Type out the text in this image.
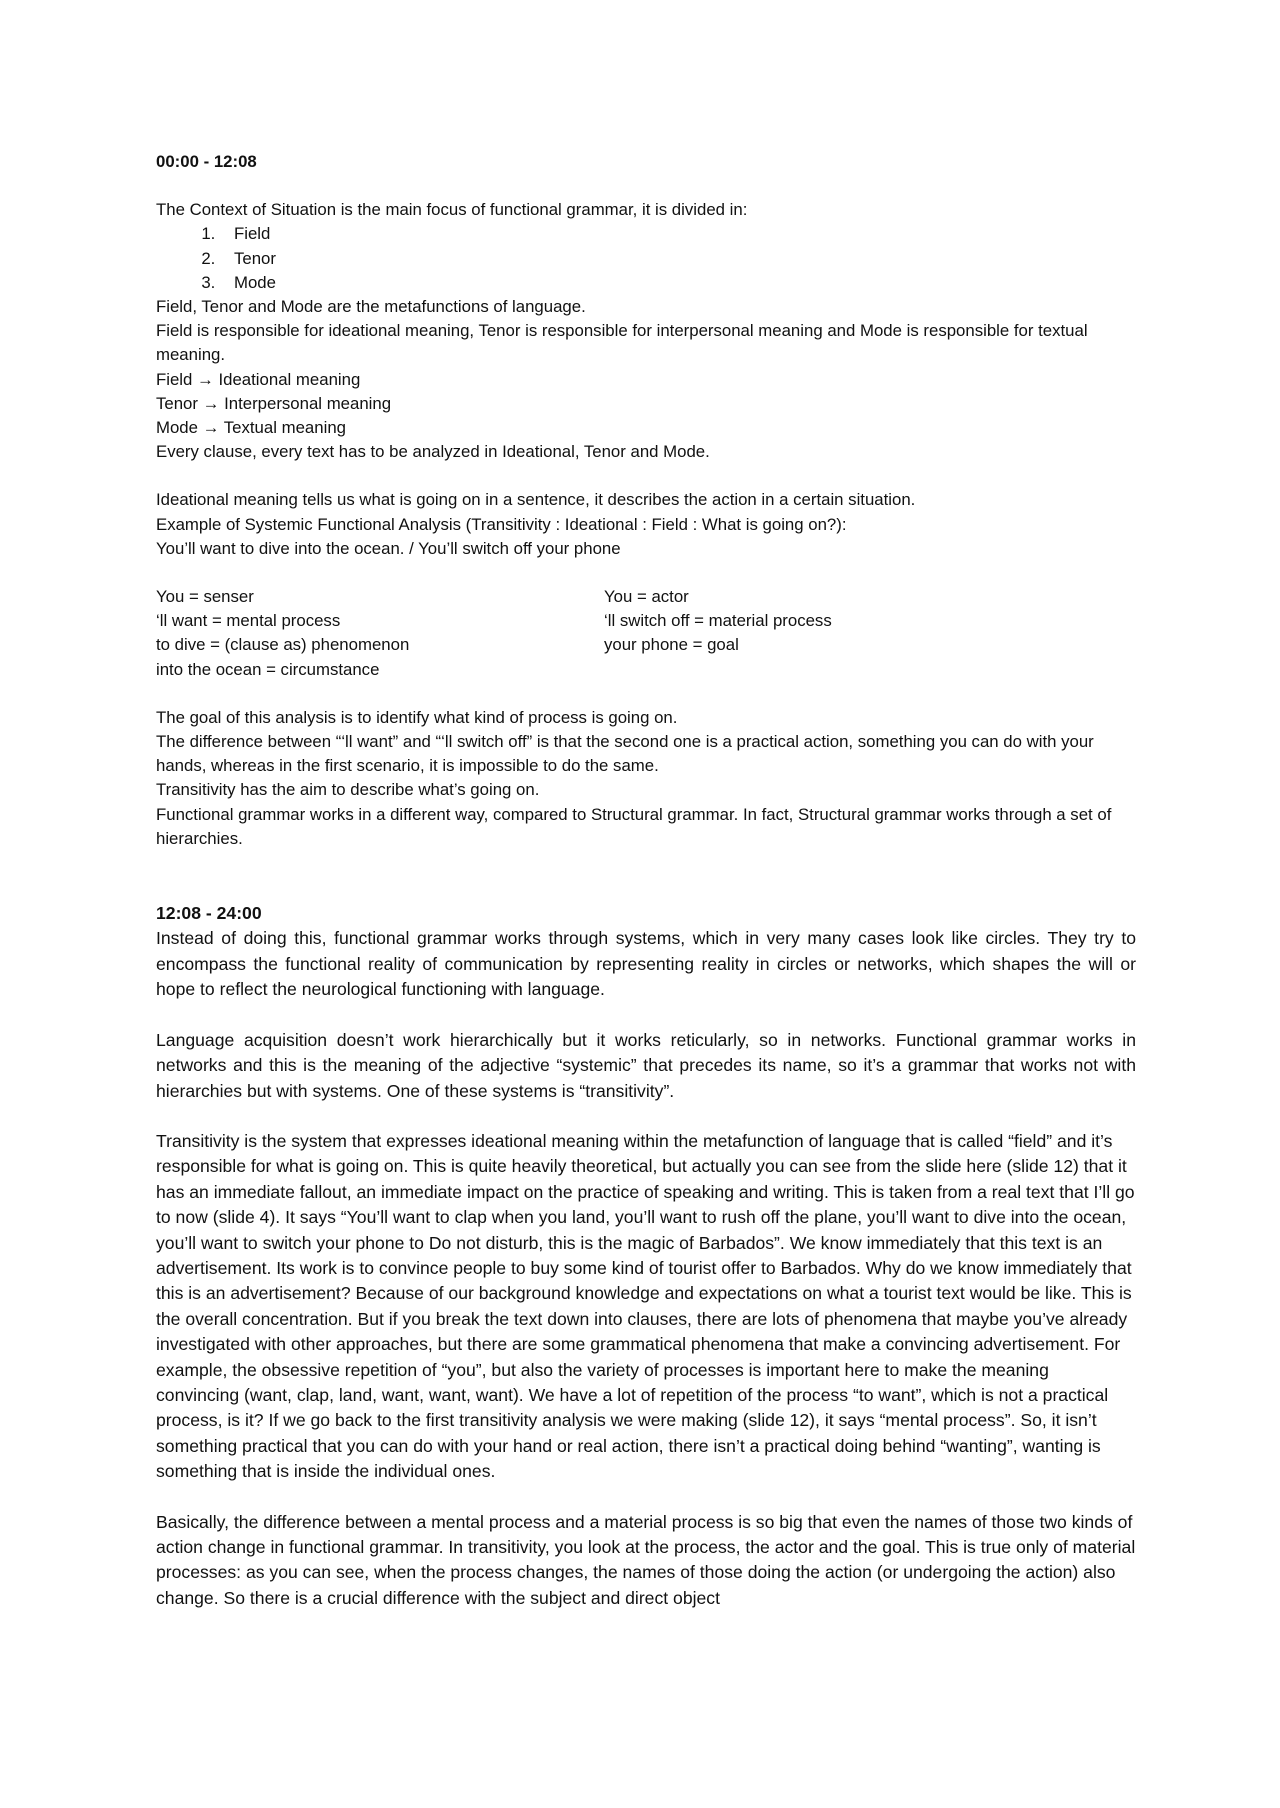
00:00 - 12:08

The Context of Situation is the main focus of functional grammar, it is divided in:

1. Field
2. Tenor
3. Mode

Field, Tenor and Mode are the metafunctions of language.

Field is responsible for ideational meaning, Tenor is responsible for interpersonal meaning and Mode is responsible for textual meaning.

Field → Ideational meaning

Tenor → Interpersonal meaning

Mode → Textual meaning

Every clause, every text has to be analyzed in Ideational, Tenor and Mode.

Ideational meaning tells us what is going on in a sentence, it describes the action in a certain situation.

Example of Systemic Functional Analysis (Transitivity : Ideational : Field : What is going on?):

You’ll want to dive into the ocean. / You’ll switch off your phone

You = senser

‘ll want = mental process

to dive = (clause as) phenomenon

into the ocean = circumstance

You = actor

‘ll switch off = material process

your phone = goal

The goal of this analysis is to identify what kind of process is going on.

The difference between “‘ll want” and “‘ll switch off” is that the second one is a practical action, something you can do with your hands, whereas in the first scenario, it is impossible to do the same.

Transitivity has the aim to describe what’s going on.

Functional grammar works in a different way, compared to Structural grammar. In fact, Structural grammar works through a set of hierarchies.

12:08 - 24:00

Instead of doing this, functional grammar works through systems, which in very many cases look like circles. They try to encompass the functional reality of communication by representing reality in circles or networks, which shapes the will or hope to reflect the neurological functioning with language.

Language acquisition doesn’t work hierarchically but it works reticularly, so in networks. Functional grammar works in networks and this is the meaning of the adjective “systemic” that precedes its name, so it’s a grammar that works not with hierarchies but with systems. One of these systems is “transitivity”.

Transitivity is the system that expresses ideational meaning within the metafunction of language that is called “field” and it’s responsible for what is going on. This is quite heavily theoretical, but actually you can see from the slide here (slide 12) that it has an immediate fallout, an immediate impact on the practice of speaking and writing. This is taken from a real text that I’ll go to now (slide 4). It says “You’ll want to clap when you land, you’ll want to rush off the plane, you’ll want to dive into the ocean, you’ll want to switch your phone to Do not disturb, this is the magic of Barbados”. We know immediately that this text is an advertisement. Its work is to convince people to buy some kind of tourist offer to Barbados. Why do we know immediately that this is an advertisement? Because of our background knowledge and expectations on what a tourist text would be like. This is the overall concentration. But if you break the text down into clauses, there are lots of phenomena that maybe you’ve already investigated with other approaches, but there are some grammatical phenomena that make a convincing advertisement. For example, the obsessive repetition of “you”, but also the variety of processes is important here to make the meaning convincing (want, clap, land, want, want, want). We have a lot of repetition of the process “to want”, which is not a practical process, is it? If we go back to the first transitivity analysis we were making (slide 12), it says “mental process”. So, it isn’t something practical that you can do with your hand or real action, there isn’t a practical doing behind “wanting”, wanting is something that is inside the individual ones.

Basically, the difference between a mental process and a material process is so big that even the names of those two kinds of action change in functional grammar. In transitivity, you look at the process, the actor and the goal. This is true only of material processes: as you can see, when the process changes, the names of those doing the action (or undergoing the action) also change. So there is a crucial difference with the subject and direct object
